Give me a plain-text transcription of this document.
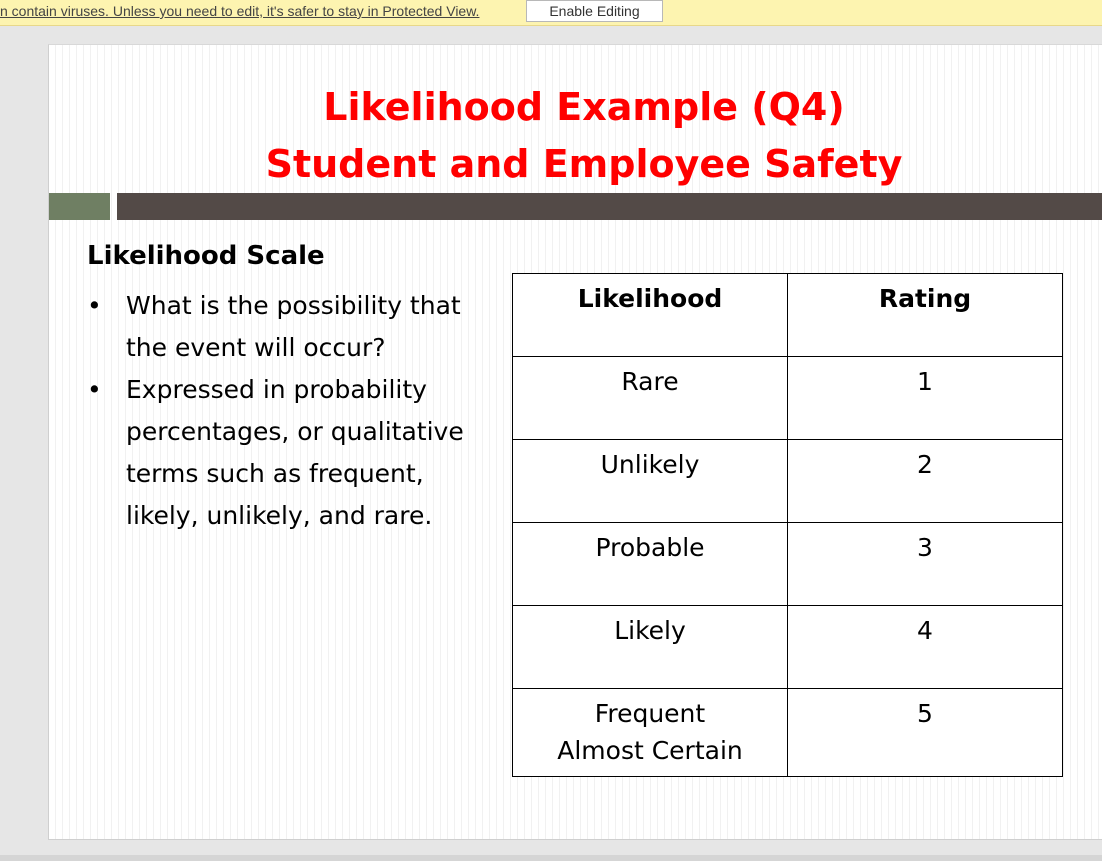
n contain viruses. Unless you need to edit, it's safer to stay in Protected View.	Enable Editing
Likelihood Example (Q4)
Student and Employee Safety
Likelihood Scale
• What is the possibility that the event will occur?
• Expressed in probability percentages, or qualitative terms such as frequent, likely, unlikely, and rare.
Likelihood	Rating

Rare	1

Unlikely	2

Probable	3

Likely	4

Frequent
Almost Certain	5
